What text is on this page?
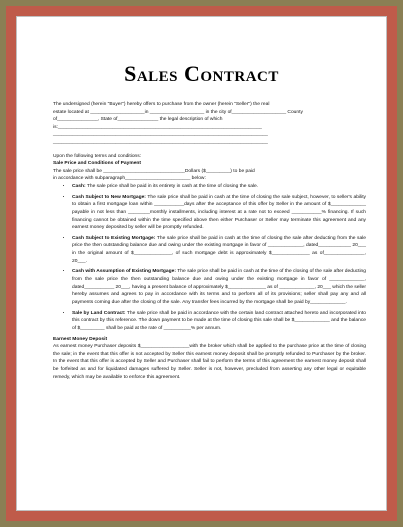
Sales Contract

The undersigned (herein "Buyer") hereby offers to purchase from the owner (herein "Seller") the real

estate located at ____________________in ____________________ in the city of____________________ County

of_______________, State of_______________ the legal description of which

is:___________________________________________________________________________

_______________________________________________________________________________

_______________________________________________________________________________

Upon the following terms and conditions:

Sale Price and Conditions of Payment

The sale price shall be ______________________________Dollars ($_________) to be paid

in accordance with subparagraph________________________ below:

• Cash: The sale price shall be paid in its entirety in cash at the time of closing the sale.
• Cash Subject to New Mortgage: The sale price shall be paid in cash at the time of closing the sale subject, however, to seller's ability to obtain a first mortgage loan within ___________days after the acceptance of this offer by Seller in the amount of $_____________ payable in not less than ________monthly installments, including interest at a rate not to exceed ___________% financing. If such financing cannot be obtained within the time specified above then either Purchaser or Seller may terminate this agreement and any earnest money deposited by seller will be promptly refunded.
• Cash Subject to Existing Mortgage: The sale price shall be paid in cash at the time of closing the sale after deducting from the sale price the then outstanding balance due and owing under the existing mortgage in favor of _____________, dated____________ 20___ in the original amount of $______________, of such mortgage debt is approximately $______________ as of_______________, 20___.
• Cash with Assumption of Existing Mortgage: The sale price shall be paid in cash at the time of the closing of the sale after deducting from the sale price the then outstanding balance due and owing under the existing mortgage in favor of _____________, dated___________ 20___, having a present balance of approximately $______________ as of _____________, 20___ which the seller hereby assumes and agrees to pay in accordance with its terms and to perform all of its provisions; seller shall pay any and all payments coming due after the closing of the sale. Any transfer fees incurred by the mortgage shall be paid by_____________.
• Sale by Land Contract: The sale price shall be paid in accordance with the certain land contract attached hereto and incorporated into this contract by this reference. The down payment to be made at the time of closing this sale shall be $_____________ and the balance of $_________ shall be paid at the rate of __________% per annum.

Earnest Money Deposit

As earnest money Purchaser deposits $__________________with the broker which shall be applied to the purchase price at the time of closing the sale; in the event that this offer is not accepted by Seller this earnest money deposit shall be promptly refunded to Purchaser by the broker. In the event that this offer is accepted by Seller and Purchaser shall fail to perform the terms of this agreement the earnest money deposit shall be forfeited as and for liquidated damages suffered by Seller. Seller is not, however, precluded from asserting any other legal or equitable remedy, which may be available to enforce this agreement.
